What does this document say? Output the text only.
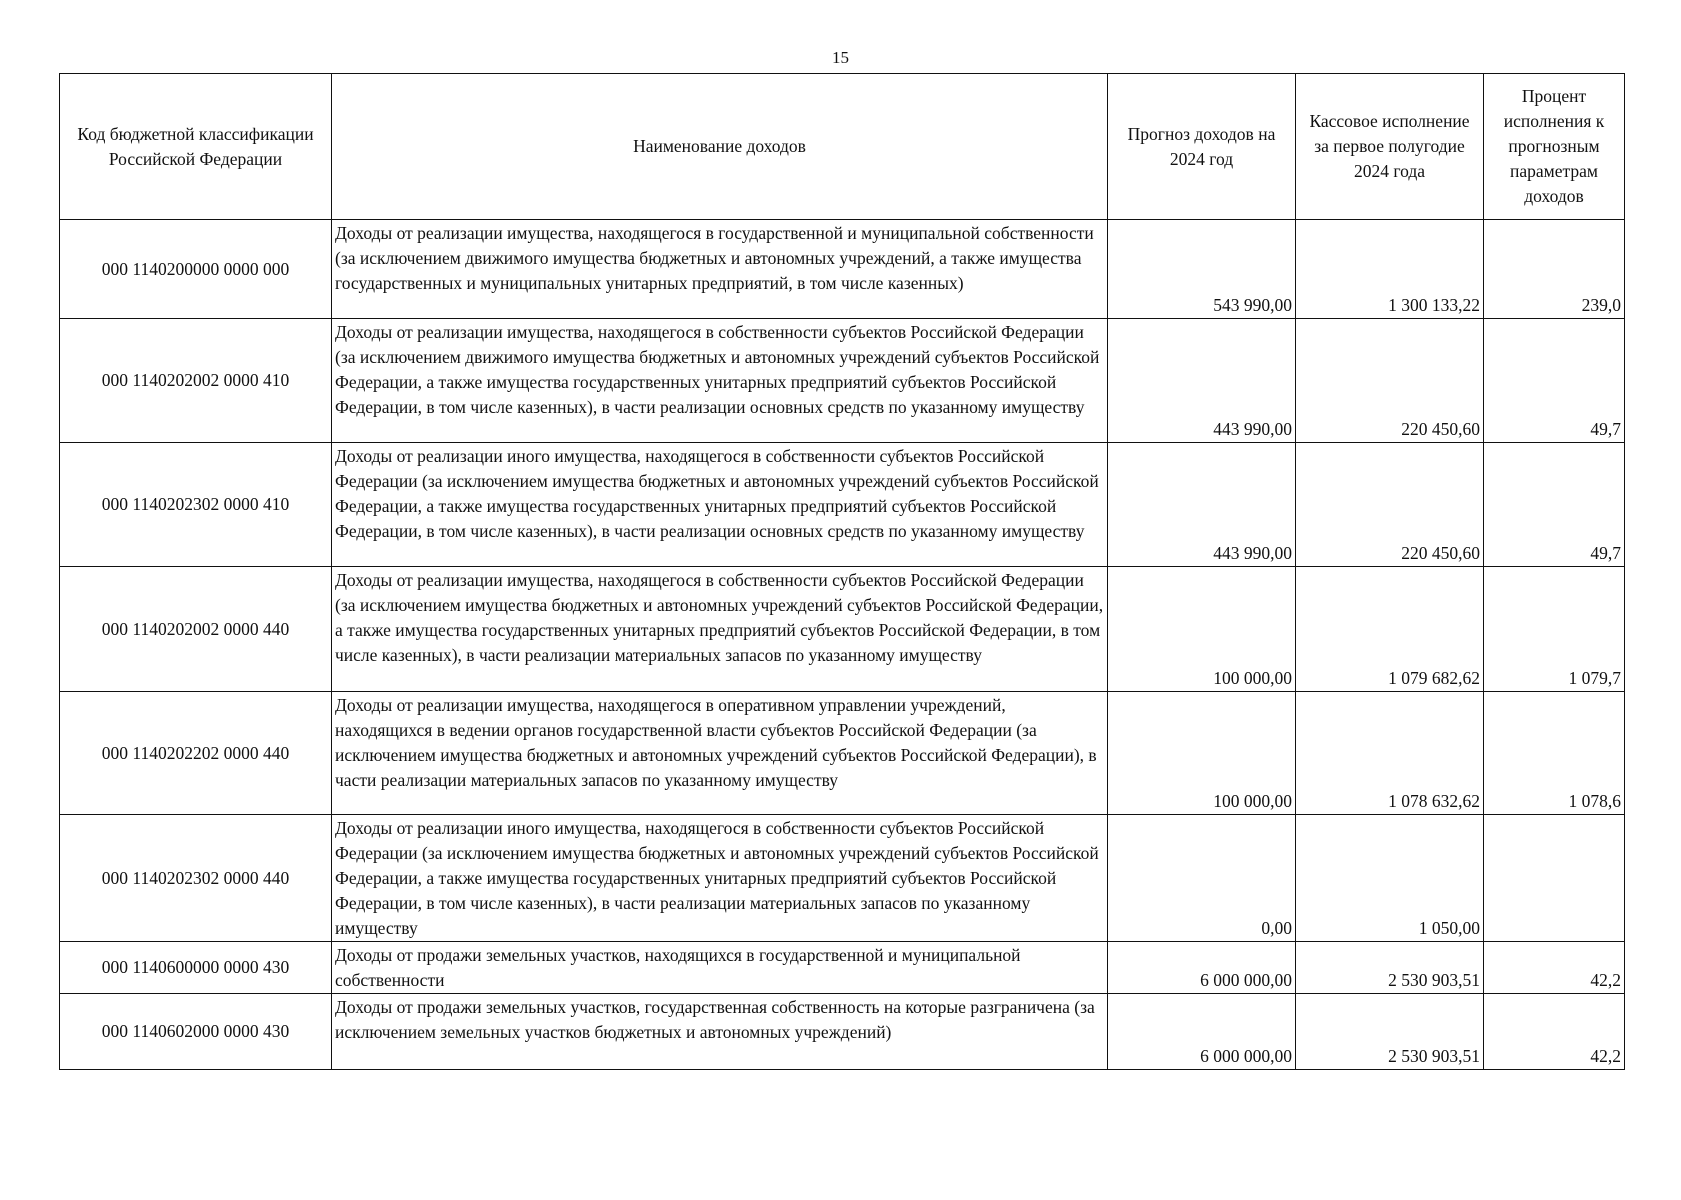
15
Код бюджетной классификации Российской Федерации	Наименование доходов	Прогноз доходов на 2024 год	Кассовое исполнение за первое полугодие 2024 года	Процент исполнения к прогнозным параметрам доходов
000 1140200000 0000 000	Доходы от реализации имущества, находящегося в государственной и муниципальной собственности (за исключением движимого имущества бюджетных и автономных учреждений, а также имущества государственных и муниципальных унитарных предприятий, в том числе казенных)	543 990,00	1 300 133,22	239,0
000 1140202002 0000 410	Доходы от реализации имущества, находящегося в собственности субъектов Российской Федерации (за исключением движимого имущества бюджетных и автономных учреждений субъектов Российской Федерации, а также имущества государственных унитарных предприятий субъектов Российской Федерации, в том числе казенных), в части реализации основных средств по указанному имуществу	443 990,00	220 450,60	49,7
000 1140202302 0000 410	Доходы от реализации иного имущества, находящегося в собственности субъектов Российской Федерации (за исключением имущества бюджетных и автономных учреждений субъектов Российской Федерации, а также имущества государственных унитарных предприятий субъектов Российской Федерации, в том числе казенных), в части реализации основных средств по указанному имуществу	443 990,00	220 450,60	49,7
000 1140202002 0000 440	Доходы от реализации имущества, находящегося в собственности субъектов Российской Федерации (за исключением имущества бюджетных и автономных учреждений субъектов Российской Федерации, а также имущества государственных унитарных предприятий субъектов Российской Федерации, в том числе казенных), в части реализации материальных запасов по указанному имуществу	100 000,00	1 079 682,62	1 079,7
000 1140202202 0000 440	Доходы от реализации имущества, находящегося в оперативном управлении учреждений, находящихся в ведении органов государственной власти субъектов Российской Федерации (за исключением имущества бюджетных и автономных учреждений субъектов Российской Федерации), в части реализации материальных запасов по указанному имуществу	100 000,00	1 078 632,62	1 078,6
000 1140202302 0000 440	Доходы от реализации иного имущества, находящегося в собственности субъектов Российской Федерации (за исключением имущества бюджетных и автономных учреждений субъектов Российской Федерации, а также имущества государственных унитарных предприятий субъектов Российской Федерации, в том числе казенных), в части реализации материальных запасов по указанному имуществу	0,00	1 050,00	
000 1140600000 0000 430	Доходы от продажи земельных участков, находящихся в государственной и муниципальной собственности	6 000 000,00	2 530 903,51	42,2
000 1140602000 0000 430	Доходы от продажи земельных участков, государственная собственность на которые разграничена (за исключением земельных участков бюджетных и автономных учреждений)	6 000 000,00	2 530 903,51	42,2
